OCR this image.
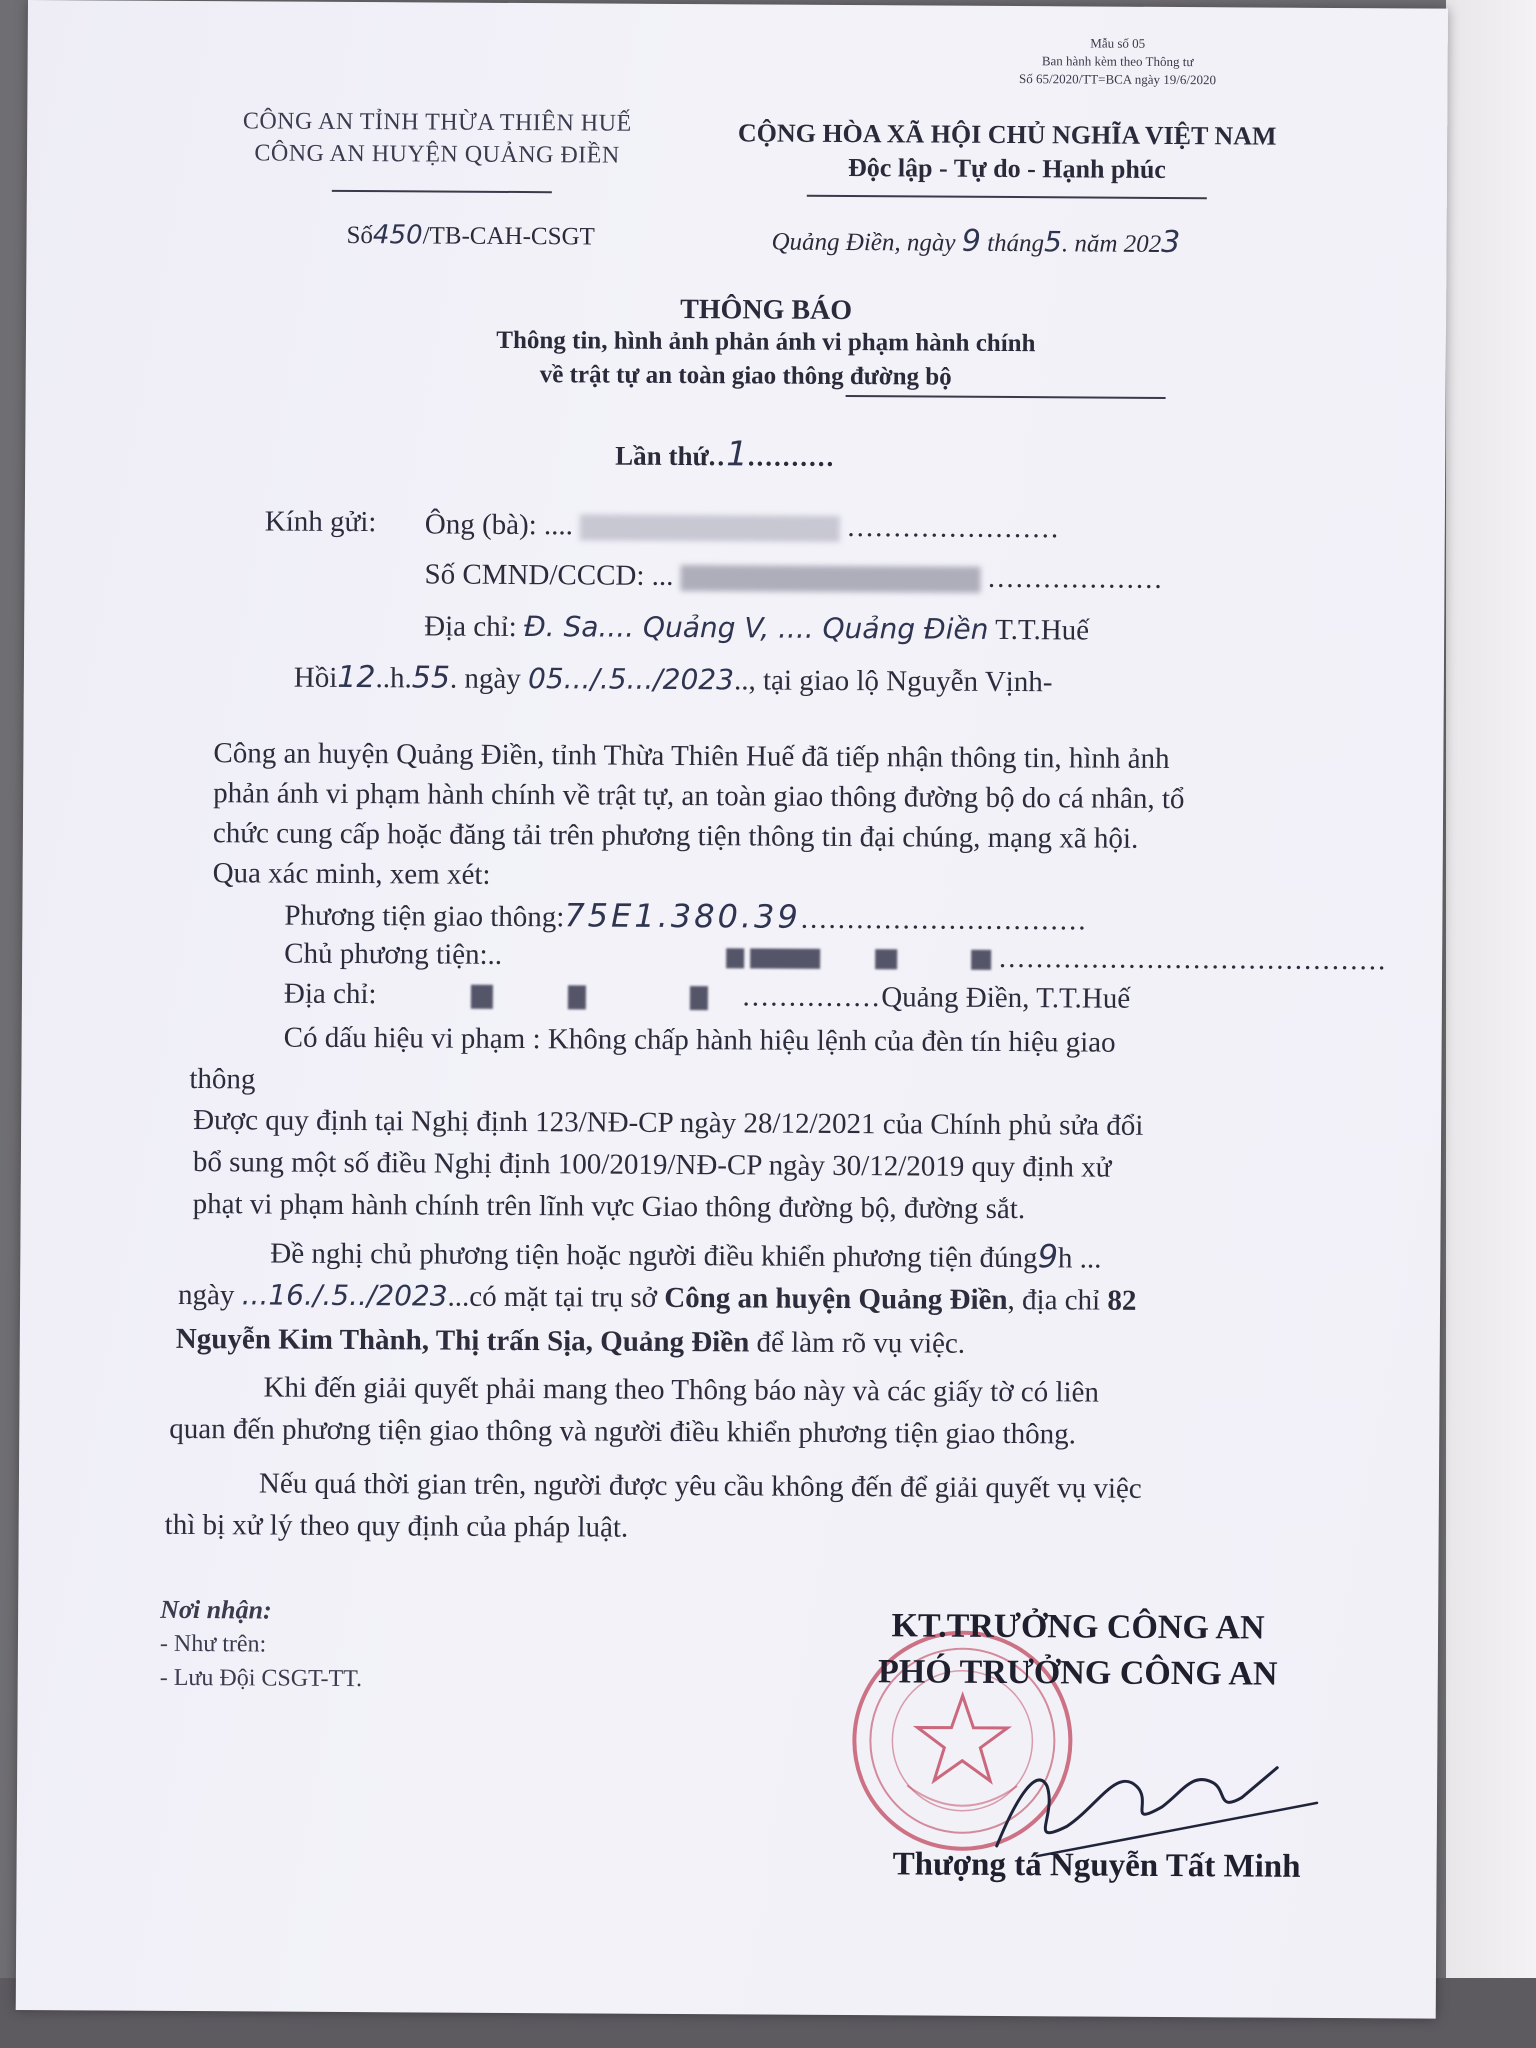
Mẫu số 05
Ban hành kèm theo Thông tư
Số 65/2020/TT=BCA ngày 19/6/2020
CÔNG AN TỈNH THỪA THIÊN HUẾ
CÔNG AN HUYỆN QUẢNG ĐIỀN
CỘNG HÒA XÃ HỘI CHỦ NGHĨA VIỆT NAM
Độc lập - Tự do - Hạnh phúc
Số450/TB-CAH-CSGT	Quảng Điền, ngày 9 tháng5. năm 2023
THÔNG BÁO
Thông tin, hình ảnh phản ánh vi phạm hành chính
về trật tự an toàn giao thông đường bộ
Lần thứ..1..........
Kính gửi: Ông (bà): ....	.......................
Số CMND/CCCD: ...	...................
Địa chỉ: Đ. Sa.... Quảng V, .... Quảng Điền T.T.Huế
Hồi12..h.55. ngày 05.../.5.../2023.., tại giao lộ Nguyễn Vịnh-
Công an huyện Quảng Điền, tỉnh Thừa Thiên Huế đã tiếp nhận thông tin, hình ảnh
phản ánh vi phạm hành chính về trật tự, an toàn giao thông đường bộ do cá nhân, tổ
chức cung cấp hoặc đăng tải trên phương tiện thông tin đại chúng, mạng xã hội.
Qua xác minh, xem xét:
Phương tiện giao thông:75E1.380.39...............................
Chủ phương tiện:..	..........................................
Địa chỉ:	...............Quảng Điền, T.T.Huế
Có dấu hiệu vi phạm : Không chấp hành hiệu lệnh của đèn tín hiệu giao
thông
Được quy định tại Nghị định 123/NĐ-CP ngày 28/12/2021 của Chính phủ sửa đổi
bổ sung một số điều Nghị định 100/2019/NĐ-CP ngày 30/12/2019 quy định xử
phạt vi phạm hành chính trên lĩnh vực Giao thông đường bộ, đường sắt.
Đề nghị chủ phương tiện hoặc người điều khiển phương tiện đúng9h ...
ngày ...16./.5../2023...có mặt tại trụ sở Công an huyện Quảng Điền, địa chỉ 82
Nguyễn Kim Thành, Thị trấn Sịa, Quảng Điền để làm rõ vụ việc.
Khi đến giải quyết phải mang theo Thông báo này và các giấy tờ có liên
quan đến phương tiện giao thông và người điều khiển phương tiện giao thông.
Nếu quá thời gian trên, người được yêu cầu không đến để giải quyết vụ việc
thì bị xử lý theo quy định của pháp luật.
Nơi nhận:
- Như trên:
- Lưu Đội CSGT-TT.
KT.TRƯỞNG CÔNG AN
PHÓ TRƯỞNG CÔNG AN
Thượng tá Nguyễn Tất Minh
